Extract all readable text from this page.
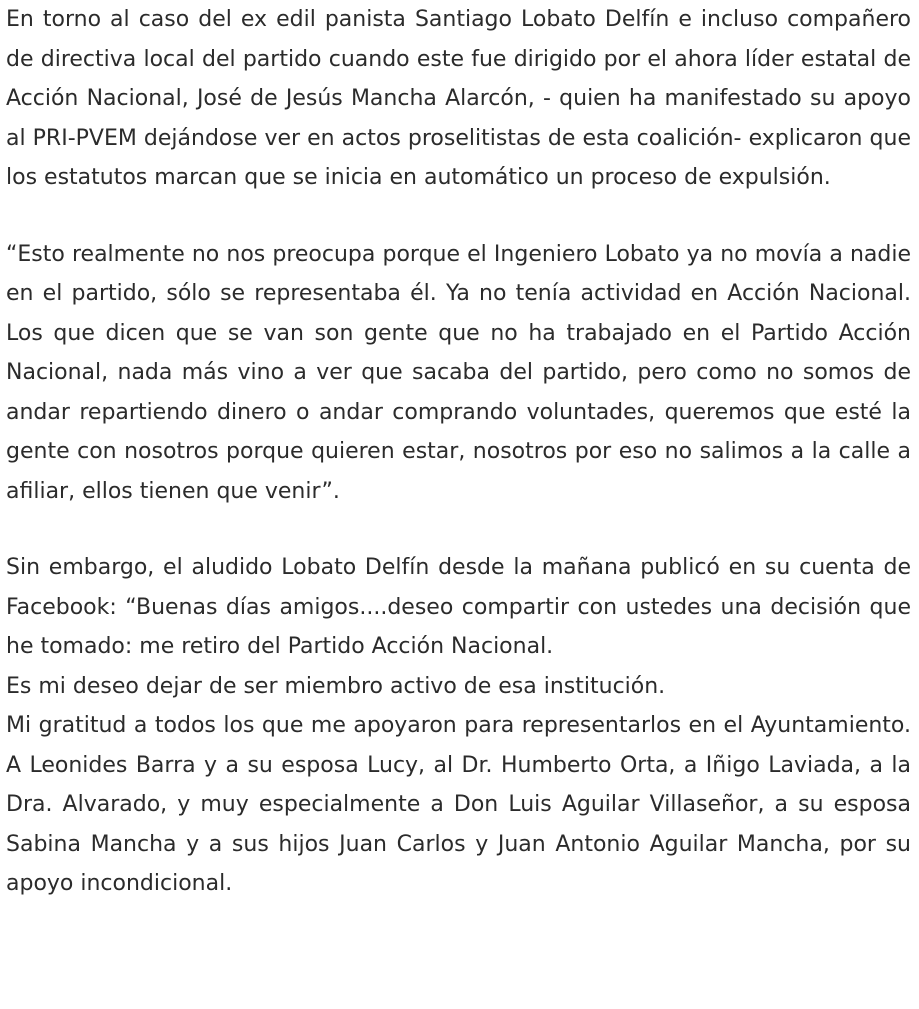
En torno al caso del ex edil panista Santiago Lobato Delfín e incluso compañero de directiva local del partido cuando este fue dirigido por el ahora líder estatal de Acción Nacional, José de Jesús Mancha Alarcón, - quien ha manifestado su apoyo al PRI-PVEM dejándose ver en actos proselitistas de esta coalición- explicaron que los estatutos marcan que se inicia en automático un proceso de expulsión.

“Esto realmente no nos preocupa porque el Ingeniero Lobato ya no movía a nadie en el partido, sólo se representaba él. Ya no tenía actividad en Acción Nacional. Los que dicen que se van son gente que no ha trabajado en el Partido Acción Nacional, nada más vino a ver que sacaba del partido, pero como no somos de andar repartiendo dinero o andar comprando voluntades, queremos que esté la gente con nosotros porque quieren estar, nosotros por eso no salimos a la calle a afiliar, ellos tienen que venir”.

Sin embargo, el aludido Lobato Delfín desde la mañana publicó en su cuenta de Facebook: “Buenas días amigos....deseo compartir con ustedes una decisión que he tomado: me retiro del Partido Acción Nacional.

Es mi deseo dejar de ser miembro activo de esa institución.

Mi gratitud a todos los que me apoyaron para representarlos en el Ayuntamiento. A Leonides Barra y a su esposa Lucy, al Dr. Humberto Orta, a Iñigo Laviada, a la Dra. Alvarado, y muy especialmente a Don Luis Aguilar Villaseñor, a su esposa Sabina Mancha y a sus hijos Juan Carlos y Juan Antonio Aguilar Mancha, por su apoyo incondicional.
